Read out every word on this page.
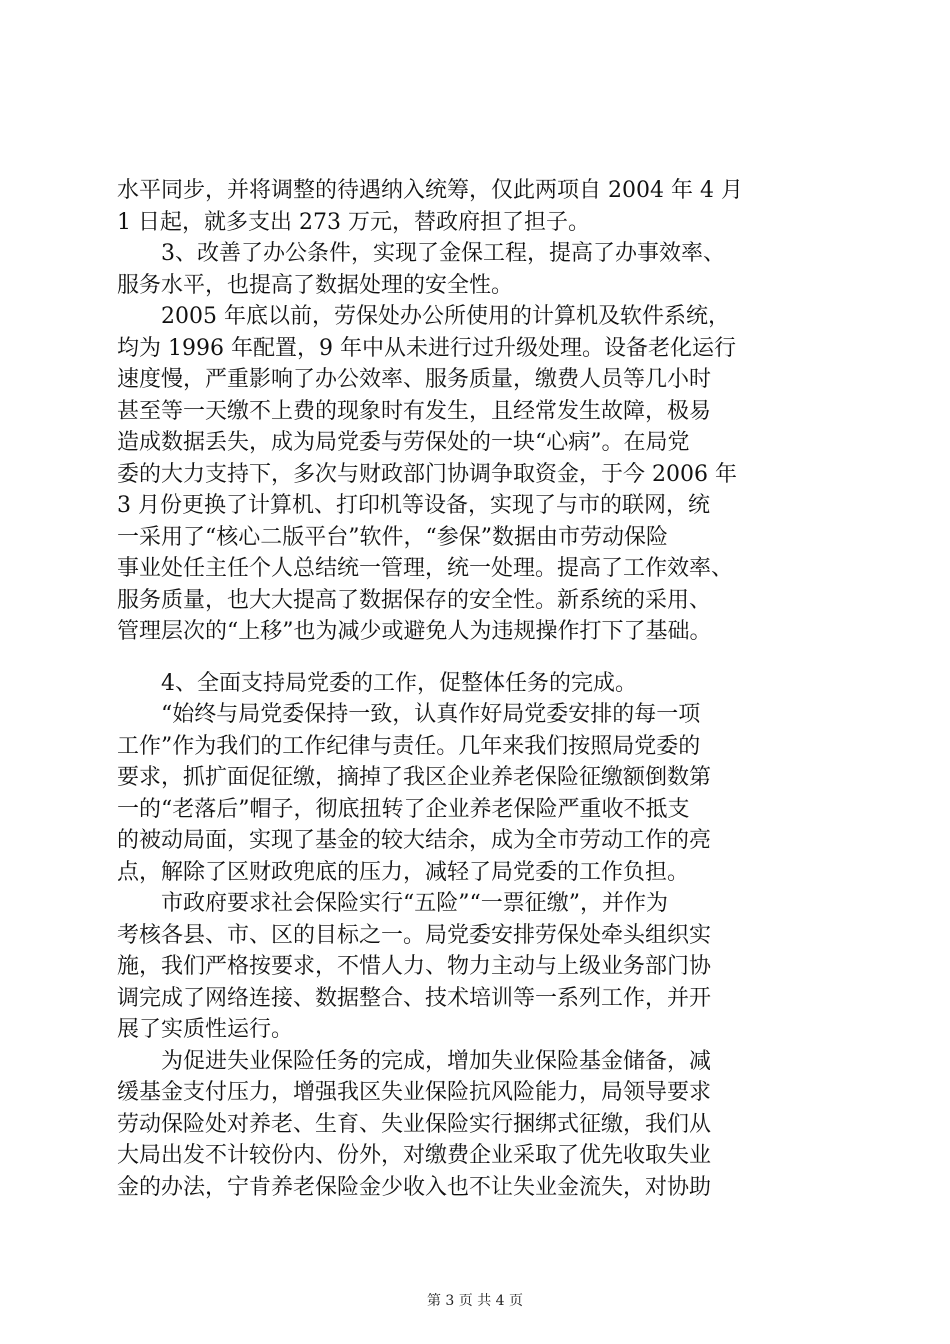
水平同步，并将调整的待遇纳入统筹，仅此两项自 2004 年 4 月
1 日起，就多支出 273 万元，替政府担了担子。
　　3、改善了办公条件，实现了金保工程，提高了办事效率、
服务水平，也提高了数据处理的安全性。
　　2005 年底以前，劳保处办公所使用的计算机及软件系统，
均为 1996 年配置，9 年中从未进行过升级处理。设备老化运行
速度慢，严重影响了办公效率、服务质量，缴费人员等几小时
甚至等一天缴不上费的现象时有发生，且经常发生故障，极易
造成数据丢失，成为局党委与劳保处的一块“心病”。在局党
委的大力支持下，多次与财政部门协调争取资金，于今 2006 年
3 月份更换了计算机、打印机等设备，实现了与市的联网，统
一采用了“核心二版平台”软件，“参保”数据由市劳动保险
事业处任主任个人总结统一管理，统一处理。提高了工作效率、
服务质量，也大大提高了数据保存的安全性。新系统的采用、
管理层次的“上移”也为减少或避免人为违规操作打下了基础。
　　4、全面支持局党委的工作，促整体任务的完成。
　　“始终与局党委保持一致，认真作好局党委安排的每一项
工作”作为我们的工作纪律与责任。几年来我们按照局党委的
要求，抓扩面促征缴，摘掉了我区企业养老保险征缴额倒数第
一的“老落后”帽子，彻底扭转了企业养老保险严重收不抵支
的被动局面，实现了基金的较大结余，成为全市劳动工作的亮
点，解除了区财政兜底的压力，减轻了局党委的工作负担。
　　市政府要求社会保险实行“五险”“一票征缴”，并作为
考核各县、市、区的目标之一。局党委安排劳保处牵头组织实
施，我们严格按要求，不惜人力、物力主动与上级业务部门协
调完成了网络连接、数据整合、技术培训等一系列工作，并开
展了实质性运行。
　　为促进失业保险任务的完成，增加失业保险基金储备，减
缓基金支付压力，增强我区失业保险抗风险能力，局领导要求
劳动保险处对养老、生育、失业保险实行捆绑式征缴，我们从
大局出发不计较份内、份外，对缴费企业采取了优先收取失业
金的办法，宁肯养老保险金少收入也不让失业金流失，对协助
第 3 页 共 4 页
